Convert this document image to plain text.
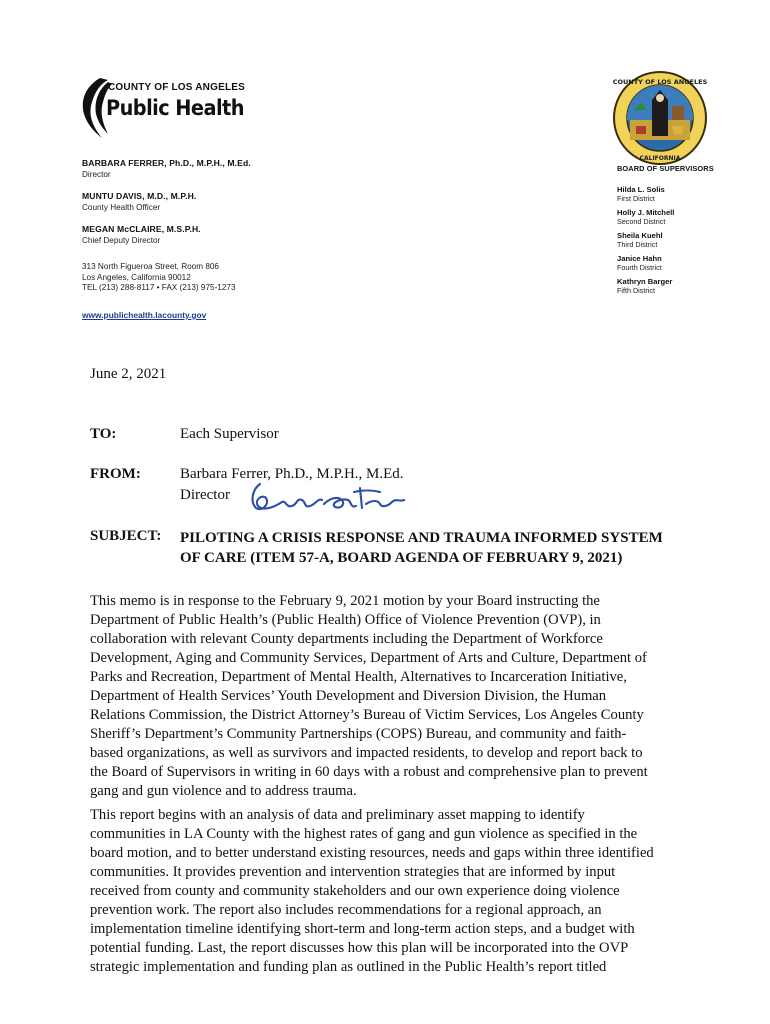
COUNTY OF LOS ANGELES
Public Health
COUNTY OF LOS ANGELES
CALIFORNIA
BARBARA FERRER, Ph.D., M.P.H., M.Ed.
Director
MUNTU DAVIS, M.D., M.P.H.
County Health Officer
MEGAN McCLAIRE, M.S.P.H.
Chief Deputy Director
313 North Figueroa Street, Room 806
Los Angeles, California 90012
TEL (213) 288-8117 • FAX (213) 975-1273
www.publichealth.lacounty.gov
BOARD OF SUPERVISORS
Hilda L. Solis
First District
Holly J. Mitchell
Second District
Sheila Kuehl
Third District
Janice Hahn
Fourth District
Kathryn Barger
Fifth District
June 2, 2021
TO:	Each Supervisor
FROM:	Barbara Ferrer, Ph.D., M.P.H., M.Ed.
Director
SUBJECT: PILOTING A CRISIS RESPONSE AND TRAUMA INFORMED SYSTEM
OF CARE (ITEM 57-A, BOARD AGENDA OF FEBRUARY 9, 2021)
This memo is in response to the February 9, 2021 motion by your Board instructing the
Department of Public Health’s (Public Health) Office of Violence Prevention (OVP), in
collaboration with relevant County departments including the Department of Workforce
Development, Aging and Community Services, Department of Arts and Culture, Department of
Parks and Recreation, Department of Mental Health, Alternatives to Incarceration Initiative,
Department of Health Services’ Youth Development and Diversion Division, the Human
Relations Commission, the District Attorney’s Bureau of Victim Services, Los Angeles County
Sheriff’s Department’s Community Partnerships (COPS) Bureau, and community and faith-
based organizations, as well as survivors and impacted residents, to develop and report back to
the Board of Supervisors in writing in 60 days with a robust and comprehensive plan to prevent
gang and gun violence and to address trauma.
This report begins with an analysis of data and preliminary asset mapping to identify
communities in LA County with the highest rates of gang and gun violence as specified in the
board motion, and to better understand existing resources, needs and gaps within three identified
communities. It provides prevention and intervention strategies that are informed by input
received from county and community stakeholders and our own experience doing violence
prevention work. The report also includes recommendations for a regional approach, an
implementation timeline identifying short-term and long-term action steps, and a budget with
potential funding. Last, the report discusses how this plan will be incorporated into the OVP
strategic implementation and funding plan as outlined in the Public Health’s report titled
